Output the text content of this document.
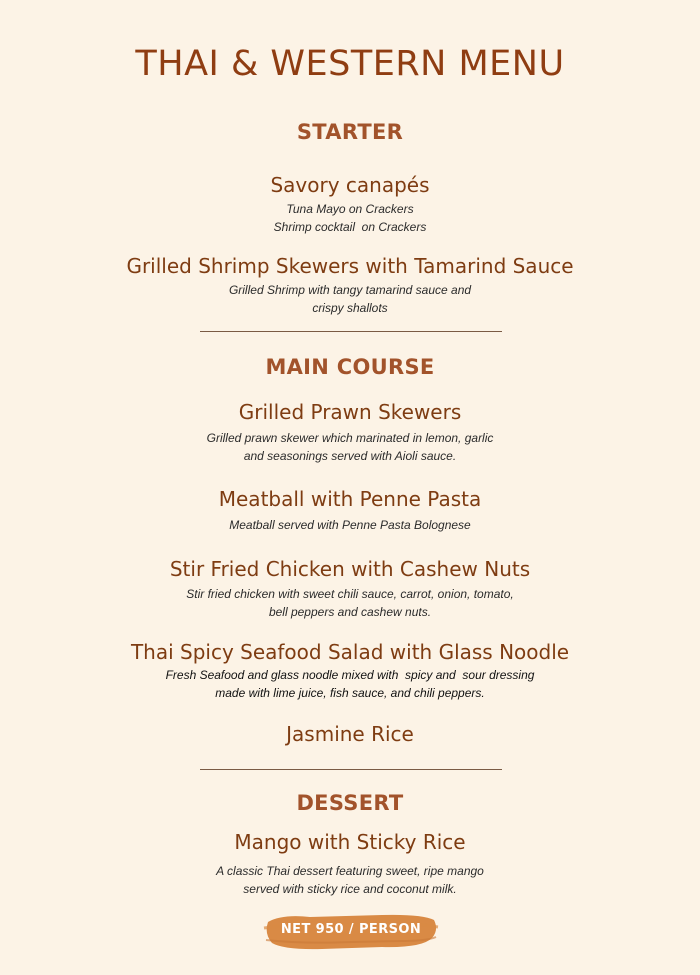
THAI & WESTERN MENU
STARTER
Savory canapés
Tuna Mayo on Crackers
Shrimp cocktail  on Crackers
Grilled Shrimp Skewers with Tamarind Sauce
Grilled Shrimp with tangy tamarind sauce and
crispy shallots
MAIN COURSE
Grilled Prawn Skewers
Grilled prawn skewer which marinated in lemon, garlic
and seasonings served with Aioli sauce.
Meatball with Penne Pasta
Meatball served with Penne Pasta Bolognese
Stir Fried Chicken with Cashew Nuts
Stir fried chicken with sweet chili sauce, carrot, onion, tomato,
bell peppers and cashew nuts.
Thai Spicy Seafood Salad with Glass Noodle
Fresh Seafood and glass noodle mixed with  spicy and  sour dressing
made with lime juice, fish sauce, and chili peppers.
Jasmine Rice
DESSERT
Mango with Sticky Rice
A classic Thai dessert featuring sweet, ripe mango
served with sticky rice and coconut milk.
NET 950 / PERSON
